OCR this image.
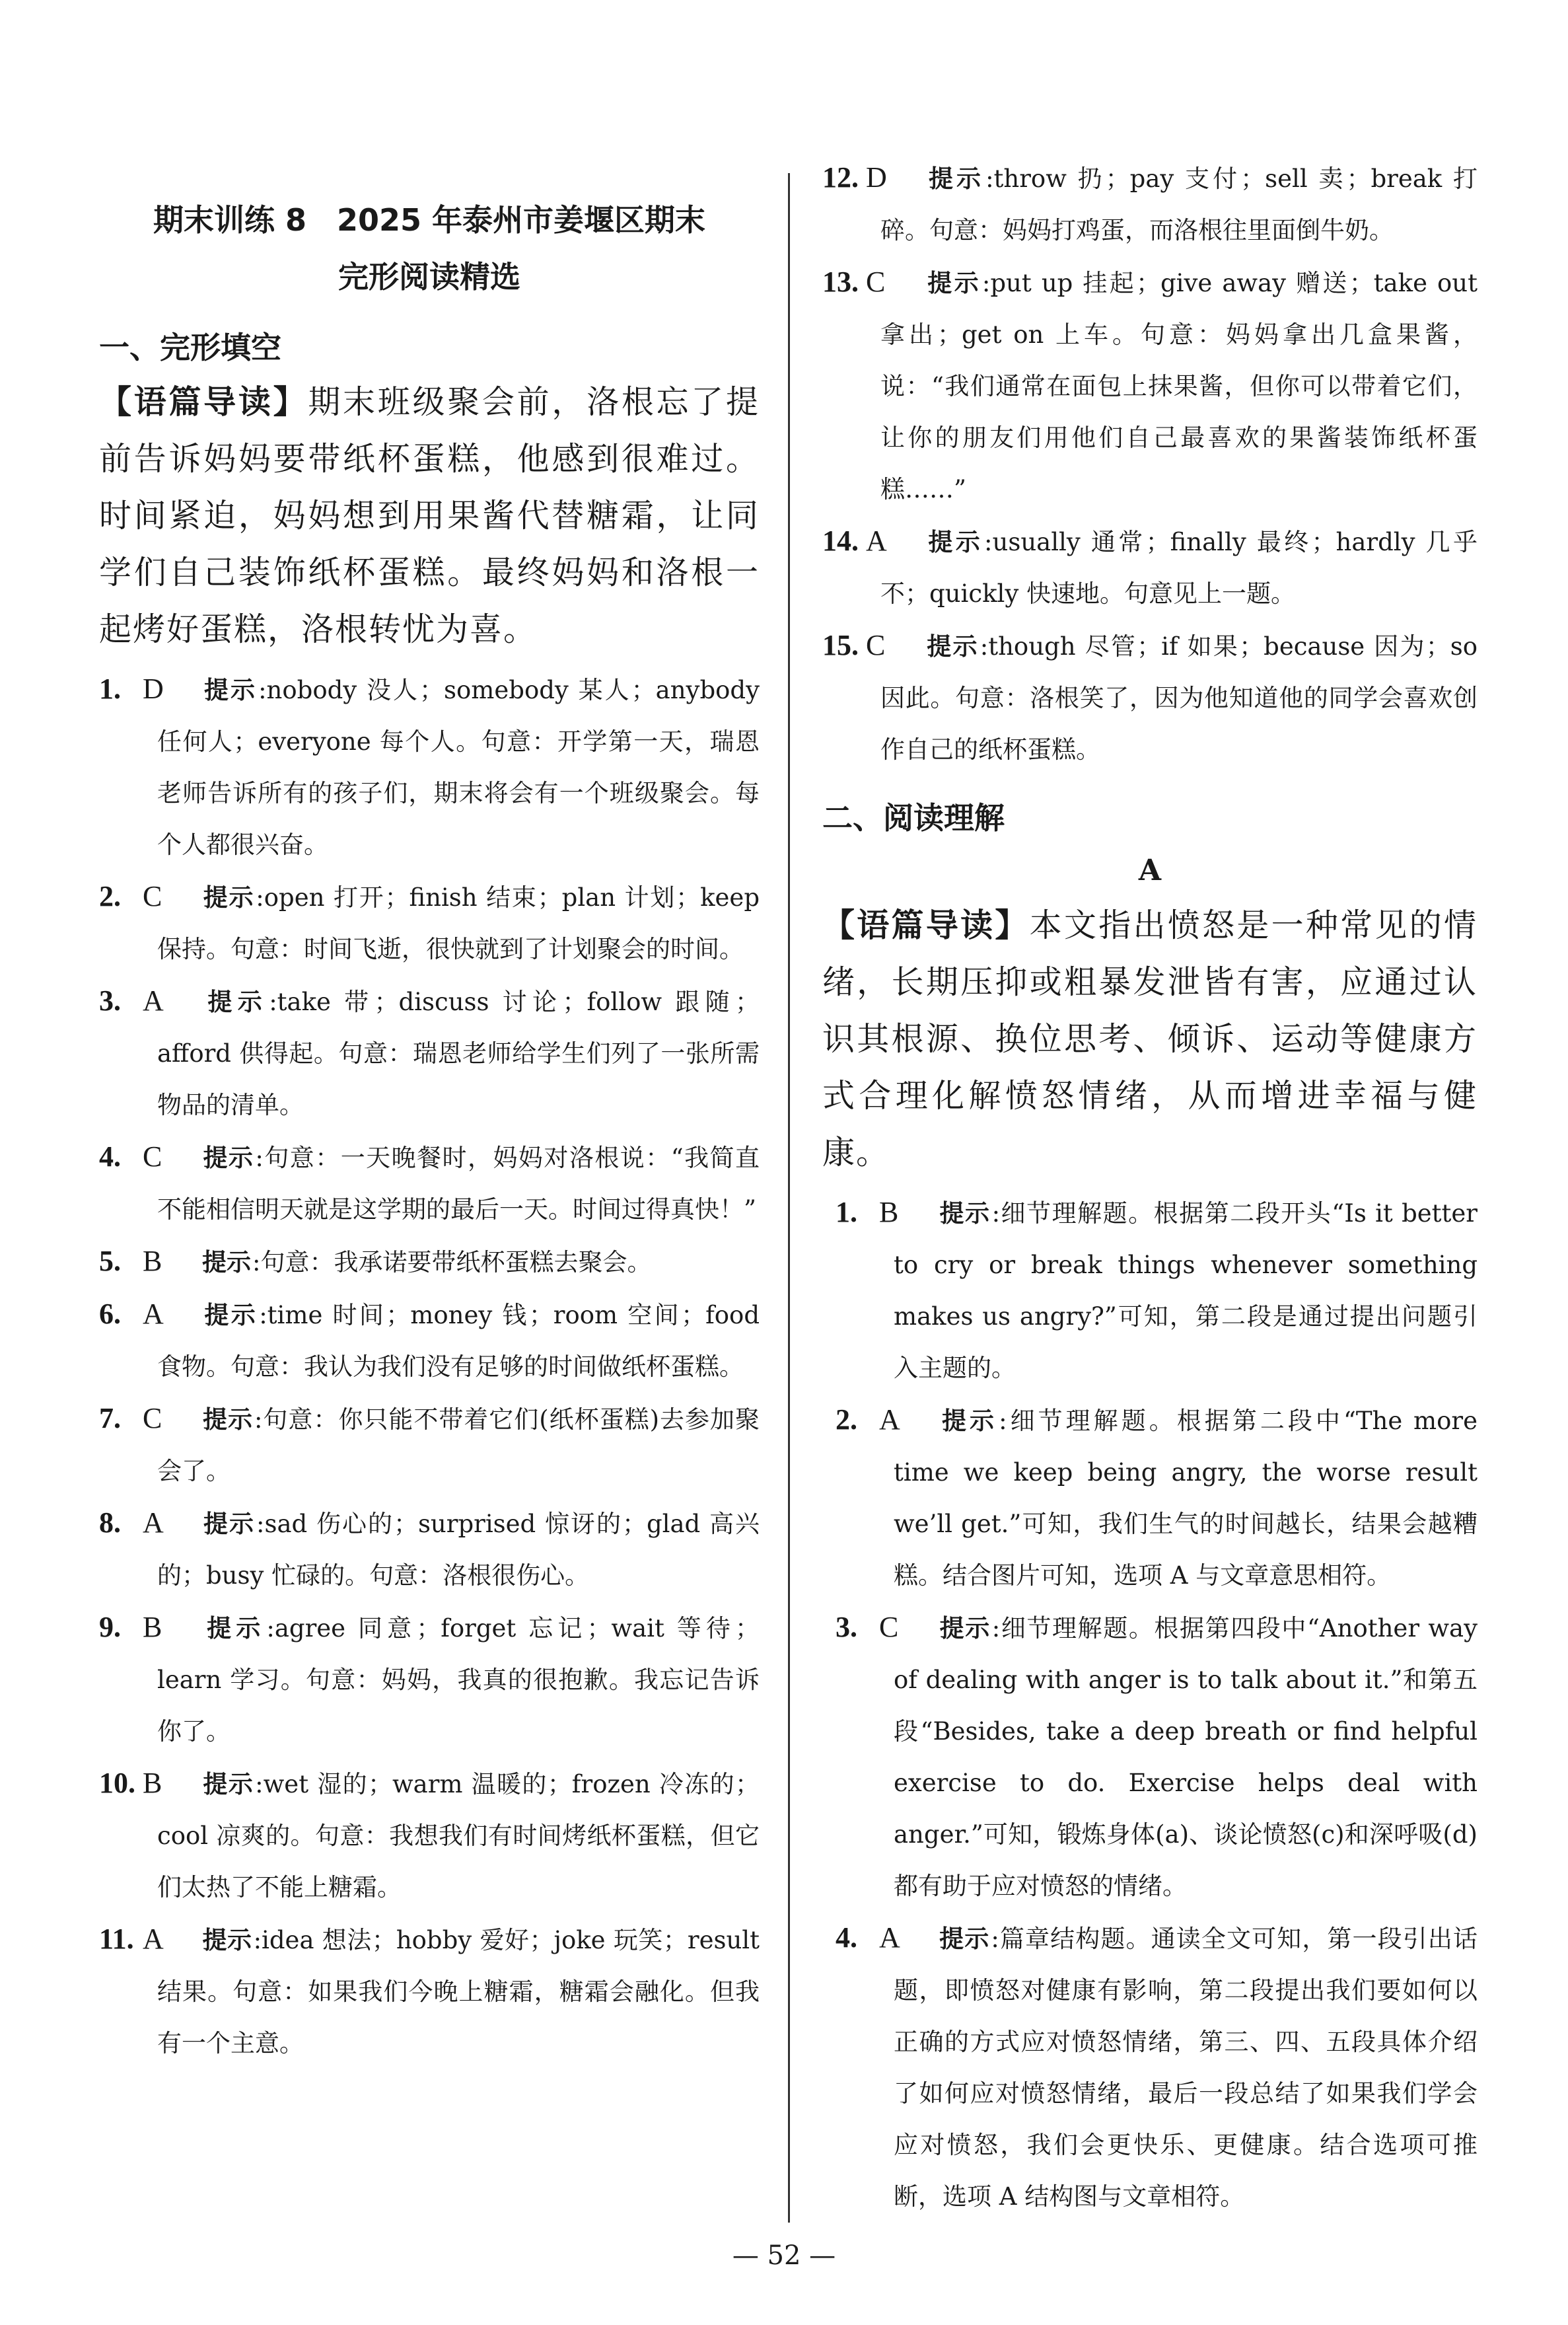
期末训练 8　2025 年泰州市姜堰区期末
完形阅读精选
一、完形填空
【语篇导读】期末班级聚会前，洛根忘了提前告诉妈妈要带纸杯蛋糕，他感到很难过。时间紧迫，妈妈想到用果酱代替糖霜，让同学们自己装饰纸杯蛋糕。最终妈妈和洛根一起烤好蛋糕，洛根转忧为喜。
1. D 提示:nobody 没人；somebody 某人；anybody 任何人；everyone 每个人。句意：开学第一天，瑞恩老师告诉所有的孩子们，期末将会有一个班级聚会。每个人都很兴奋。
2. C 提示:open 打开；finish 结束；plan 计划；keep 保持。句意：时间飞逝，很快就到了计划聚会的时间。
3. A 提示:take 带；discuss 讨论；follow 跟随；afford 供得起。句意：瑞恩老师给学生们列了一张所需物品的清单。
4. C 提示:句意：一天晚餐时，妈妈对洛根说：“我简直不能相信明天就是这学期的最后一天。时间过得真快！”
5. B 提示:句意：我承诺要带纸杯蛋糕去聚会。
6. A 提示:time 时间；money 钱；room 空间；food 食物。句意：我认为我们没有足够的时间做纸杯蛋糕。
7. C 提示:句意：你只能不带着它们(纸杯蛋糕)去参加聚会了。
8. A 提示:sad 伤心的；surprised 惊讶的；glad 高兴的；busy 忙碌的。句意：洛根很伤心。
9. B 提示:agree 同意；forget 忘记；wait 等待；learn 学习。句意：妈妈，我真的很抱歉。我忘记告诉你了。
10. B 提示:wet 湿的；warm 温暖的；frozen 冷冻的；cool 凉爽的。句意：我想我们有时间烤纸杯蛋糕，但它们太热了不能上糖霜。
11. A 提示:idea 想法；hobby 爱好；joke 玩笑；result 结果。句意：如果我们今晚上糖霜，糖霜会融化。但我有一个主意。
12. D 提示:throw 扔；pay 支付；sell 卖；break 打碎。句意：妈妈打鸡蛋，而洛根往里面倒牛奶。
13. C 提示:put up 挂起；give away 赠送；take out 拿出；get on 上车。句意：妈妈拿出几盒果酱，说：“我们通常在面包上抹果酱，但你可以带着它们，让你的朋友们用他们自己最喜欢的果酱装饰纸杯蛋糕……”
14. A 提示:usually 通常；finally 最终；hardly 几乎不；quickly 快速地。句意见上一题。
15. C 提示:though 尽管；if 如果；because 因为；so 因此。句意：洛根笑了，因为他知道他的同学会喜欢创作自己的纸杯蛋糕。
二、阅读理解
A
【语篇导读】本文指出愤怒是一种常见的情绪，长期压抑或粗暴发泄皆有害，应通过认识其根源、换位思考、倾诉、运动等健康方式合理化解愤怒情绪，从而增进幸福与健康。
1. B 提示:细节理解题。根据第二段开头“Is it better to cry or break things whenever something makes us angry?”可知，第二段是通过提出问题引入主题的。
2. A 提示:细节理解题。根据第二段中“The more time we keep being angry, the worse result we’ll get.”可知，我们生气的时间越长，结果会越糟糕。结合图片可知，选项 A 与文章意思相符。
3. C 提示:细节理解题。根据第四段中“Another way of dealing with anger is to talk about it.”和第五段“Besides, take a deep breath or find helpful exercise to do. Exercise helps deal with anger.”可知，锻炼身体(a)、谈论愤怒(c)和深呼吸(d)都有助于应对愤怒的情绪。
4. A 提示:篇章结构题。通读全文可知，第一段引出话题，即愤怒对健康有影响，第二段提出我们要如何以正确的方式应对愤怒情绪，第三、四、五段具体介绍了如何应对愤怒情绪，最后一段总结了如果我们学会应对愤怒，我们会更快乐、更健康。结合选项可推断，选项 A 结构图与文章相符。
— 52 —
